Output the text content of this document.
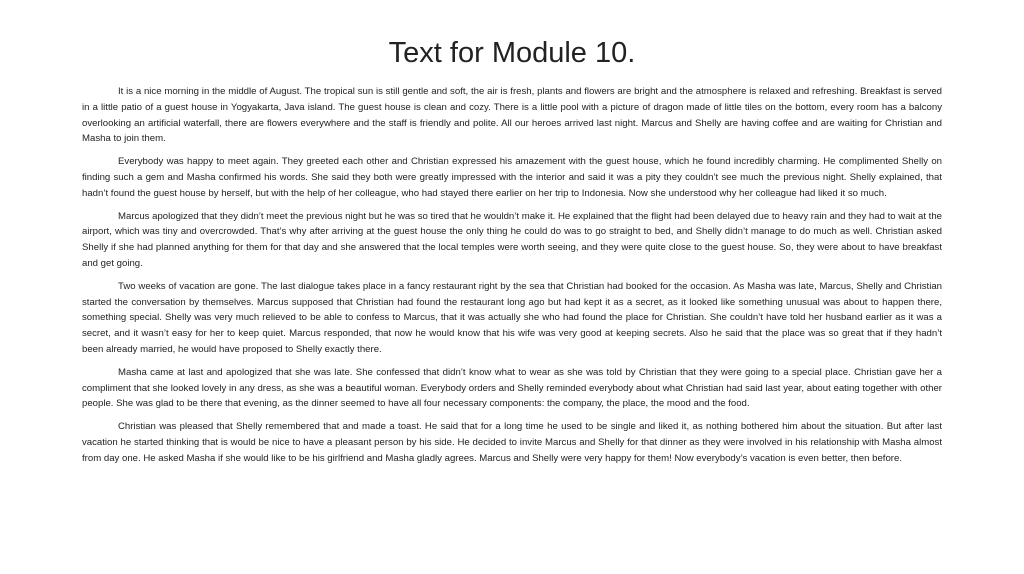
Text for Module 10.

It is a nice morning in the middle of August. The tropical sun is still gentle and soft, the air is fresh, plants and flowers are bright and the atmosphere is relaxed and refreshing. Breakfast is served in a little patio of a guest house in Yogyakarta, Java island. The guest house is clean and cozy. There is a little pool with a picture of dragon made of little tiles on the bottom, every room has a balcony overlooking an artificial waterfall, there are flowers everywhere and the staff is friendly and polite. All our heroes arrived last night. Marcus and Shelly are having coffee and are waiting for Christian and Masha to join them.

Everybody was happy to meet again. They greeted each other and Christian expressed his amazement with the guest house, which he found incredibly charming. He complimented Shelly on finding such a gem and Masha confirmed his words. She said they both were greatly impressed with the interior and said it was a pity they couldn’t see much the previous night. Shelly explained, that hadn’t found the guest house by herself, but with the help of her colleague, who had stayed there earlier on her trip to Indonesia. Now she understood why her colleague had liked it so much.

Marcus apologized that they didn’t meet the previous night but he was so tired that he wouldn’t make it. He explained that the flight had been delayed due to heavy rain and they had to wait at the airport, which was tiny and overcrowded. That’s why after arriving at the guest house the only thing he could do was to go straight to bed, and Shelly didn’t manage to do much as well. Christian asked Shelly if she had planned anything for them for that day and she answered that the local temples were worth seeing, and they were quite close to the guest house. So, they were about to have breakfast and get going.

Two weeks of vacation are gone. The last dialogue takes place in a fancy restaurant right by the sea that Christian had booked for the occasion. As Masha was late, Marcus, Shelly and Christian started the conversation by themselves. Marcus supposed that Christian had found the restaurant long ago but had kept it as a secret, as it looked like something unusual was about to happen there, something special. Shelly was very much relieved to be able to confess to Marcus, that it was actually she who had found the place for Christian. She couldn’t have told her husband earlier as it was a secret, and it wasn’t easy for her to keep quiet. Marcus responded, that now he would know that his wife was very good at keeping secrets. Also he said that the place was so great that if they hadn’t been already married, he would have proposed to Shelly exactly there.

Masha came at last and apologized that she was late. She confessed that didn’t know what to wear as she was told by Christian that they were going to a special place. Christian gave her a compliment that she looked lovely in any dress, as she was a beautiful woman. Everybody orders and Shelly reminded everybody about what Christian had said last year, about eating together with other people. She was glad to be there that evening, as the dinner seemed to have all four necessary components: the company, the place, the mood and the food.

Christian was pleased that Shelly remembered that and made a toast. He said that for a long time he used to be single and liked it, as nothing bothered him about the situation. But after last vacation he started thinking that is would be nice to have a pleasant person by his side. He decided to invite Marcus and Shelly for that dinner as they were involved in his relationship with Masha almost from day one. He asked Masha if she would like to be his girlfriend and Masha gladly agrees. Marcus and Shelly were very happy for them! Now everybody’s vacation is even better, then before.
